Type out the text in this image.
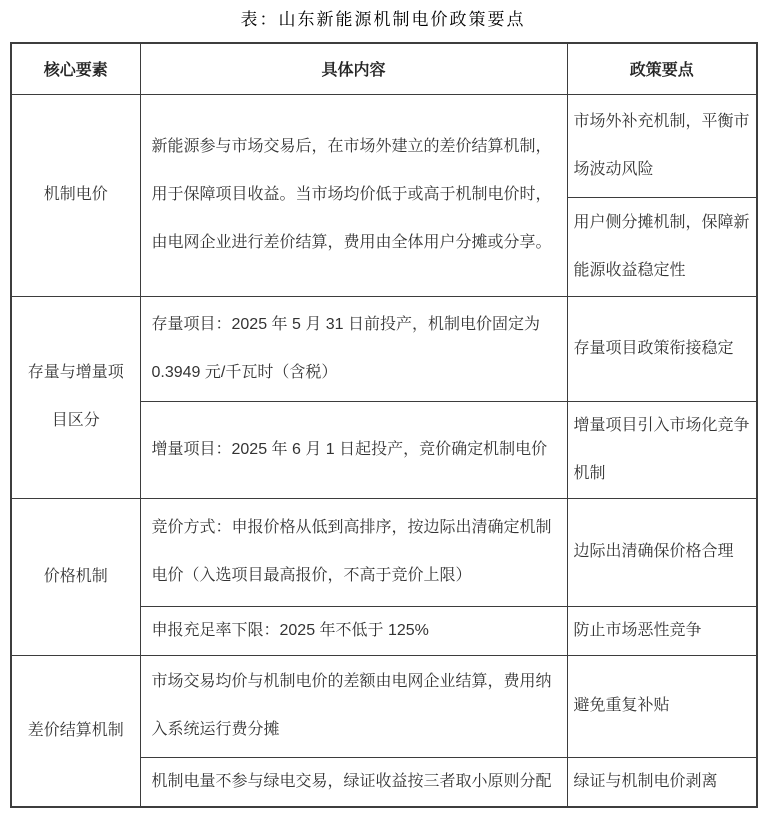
表：山东新能源机制电价政策要点
核心要素	具体内容	政策要点
机制电价	新能源参与市场交易后，在市场外建立的差价结算机制，用于保障项目收益。当市场均价低于或高于机制电价时，由电网企业进行差价结算，费用由全体用户分摊或分享。	市场外补充机制，平衡市场波动风险
		用户侧分摊机制，保障新能源收益稳定性
存量与增量项目区分	存量项目：2025 年 5 月 31 日前投产，机制电价固定为 0.3949 元/千瓦时（含税）	存量项目政策衔接稳定
	增量项目：2025 年 6 月 1 日起投产，竞价确定机制电价	增量项目引入市场化竞争机制
价格机制	竞价方式：申报价格从低到高排序，按边际出清确定机制电价（入选项目最高报价，不高于竞价上限）	边际出清确保价格合理
	申报充足率下限：2025 年不低于 125%	防止市场恶性竞争
差价结算机制	市场交易均价与机制电价的差额由电网企业结算，费用纳入系统运行费分摊	避免重复补贴
	机制电量不参与绿电交易，绿证收益按三者取小原则分配	绿证与机制电价剥离
